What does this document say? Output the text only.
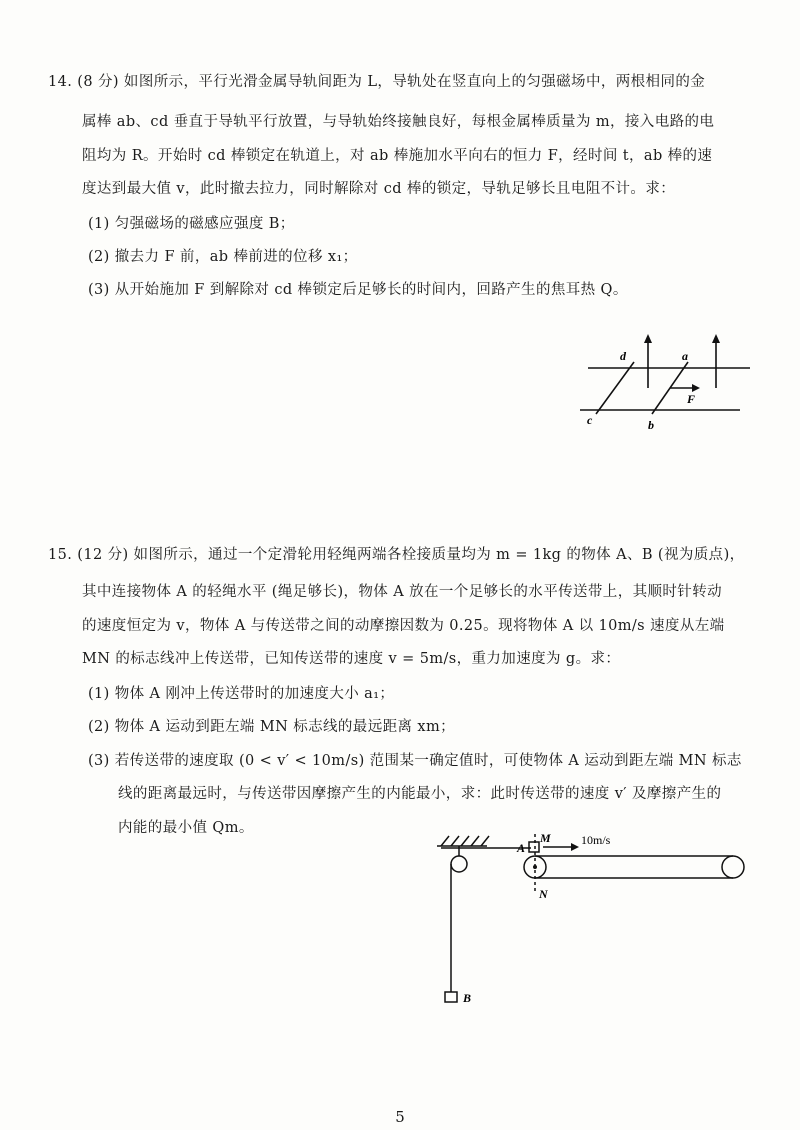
14. (8 分) 如图所示，平行光滑金属导轨间距为 L，导轨处在竖直向上的匀强磁场中，两根相同的金
属棒 ab、cd 垂直于导轨平行放置，与导轨始终接触良好，每根金属棒质量为 m，接入电路的电
阻均为 R。开始时 cd 棒锁定在轨道上，对 ab 棒施加水平向右的恒力 F，经时间 t，ab 棒的速
度达到最大值 v，此时撤去拉力，同时解除对 cd 棒的锁定，导轨足够长且电阻不计。求：
(1) 匀强磁场的磁感应强度 B；
(2) 撤去力 F 前，ab 棒前进的位移 x₁；
(3) 从开始施加 F 到解除对 cd 棒锁定后足够长的时间内，回路产生的焦耳热 Q。
d	a
c	b
F
15. (12 分) 如图所示，通过一个定滑轮用轻绳两端各栓接质量均为 m = 1kg 的物体 A、B (视为质点)，
其中连接物体 A 的轻绳水平 (绳足够长)，物体 A 放在一个足够长的水平传送带上，其顺时针转动
的速度恒定为 v，物体 A 与传送带之间的动摩擦因数为 0.25。现将物体 A 以 10m/s 速度从左端
MN 的标志线冲上传送带，已知传送带的速度 v = 5m/s，重力加速度为 g。求：
(1) 物体 A 刚冲上传送带时的加速度大小 a₁；
(2) 物体 A 运动到距左端 MN 标志线的最远距离 xm；
(3) 若传送带的速度取 (0 < v′ < 10m/s) 范围某一确定值时，可使物体 A 运动到距左端 MN 标志
线的距离最远时，与传送带因摩擦产生的内能最小，求：此时传送带的速度 v′ 及摩擦产生的
内能的最小值 Qm。
A
M
N
B
10m/s
5
